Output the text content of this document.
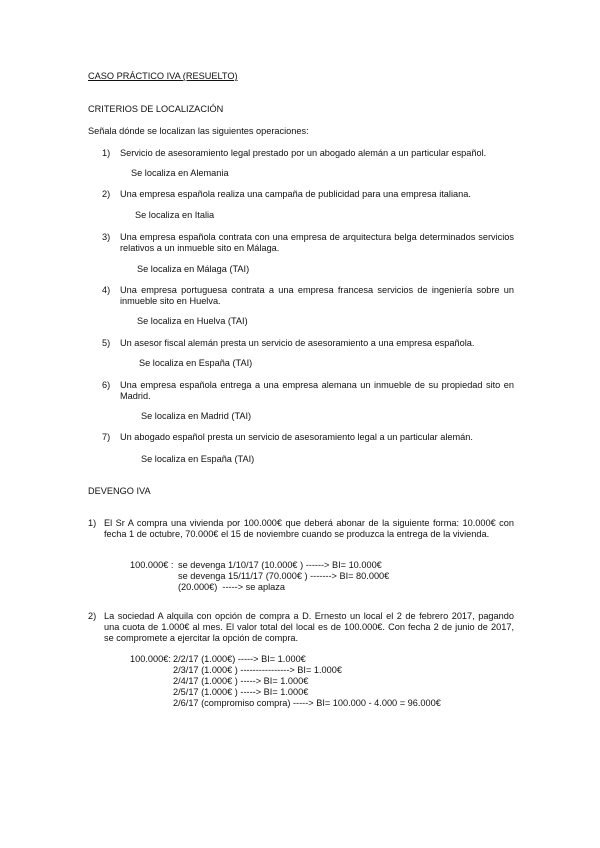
CASO PRÁCTICO IVA (RESUELTO)
CRITERIOS DE LOCALIZACIÓN
Señala dónde se localizan las siguientes operaciones:
1)	Servicio de asesoramiento legal prestado por un abogado alemán a un particular español.
Se localiza en Alemania
2)	Una empresa española realiza una campaña de publicidad para una empresa italiana.
Se localiza en Italia
3)	Una empresa española contrata con una empresa de arquitectura belga determinados servicios relativos a un inmueble sito en Málaga.
Se localiza en Málaga (TAI)
4)	Una empresa portuguesa contrata a una empresa francesa servicios de ingeniería sobre un inmueble sito en Huelva.
Se localiza en Huelva (TAI)
5)	Un asesor fiscal alemán presta un servicio de asesoramiento a una empresa española.
Se localiza en España (TAI)
6)	Una empresa española entrega a una empresa alemana un inmueble de su propiedad sito en Madrid.
Se localiza en Madrid (TAI)
7)	Un abogado español presta un servicio de asesoramiento legal a un particular alemán.
Se localiza en España (TAI)
DEVENGO IVA
1) El Sr A compra una vivienda por 100.000€ que deberá abonar de la siguiente forma: 10.000€ con fecha 1 de octubre, 70.000€ el 15 de noviembre cuando se produzca la entrega de la vivienda.
100.000€ : se devenga 1/10/17 (10.000€ ) ------> BI= 10.000€
se devenga 15/11/17 (70.000€ ) -------> BI= 80.000€
(20.000€)  -----> se aplaza
2) La sociedad A alquila con opción de compra a D. Ernesto un local el 2 de febrero 2017, pagando una cuota de 1.000€ al mes. El valor total del local es de 100.000€. Con fecha 2 de junio de 2017, se compromete a ejercitar la opción de compra.
100.000€: 2/2/17 (1.000€) -----> BI= 1.000€
2/3/17 (1.000€ ) ----------------> BI= 1.000€
2/4/17 (1.000€ ) -----> BI= 1.000€
2/5/17 (1.000€ ) -----> BI= 1.000€
2/6/17 (compromiso compra) -----> BI= 100.000 - 4.000 = 96.000€
